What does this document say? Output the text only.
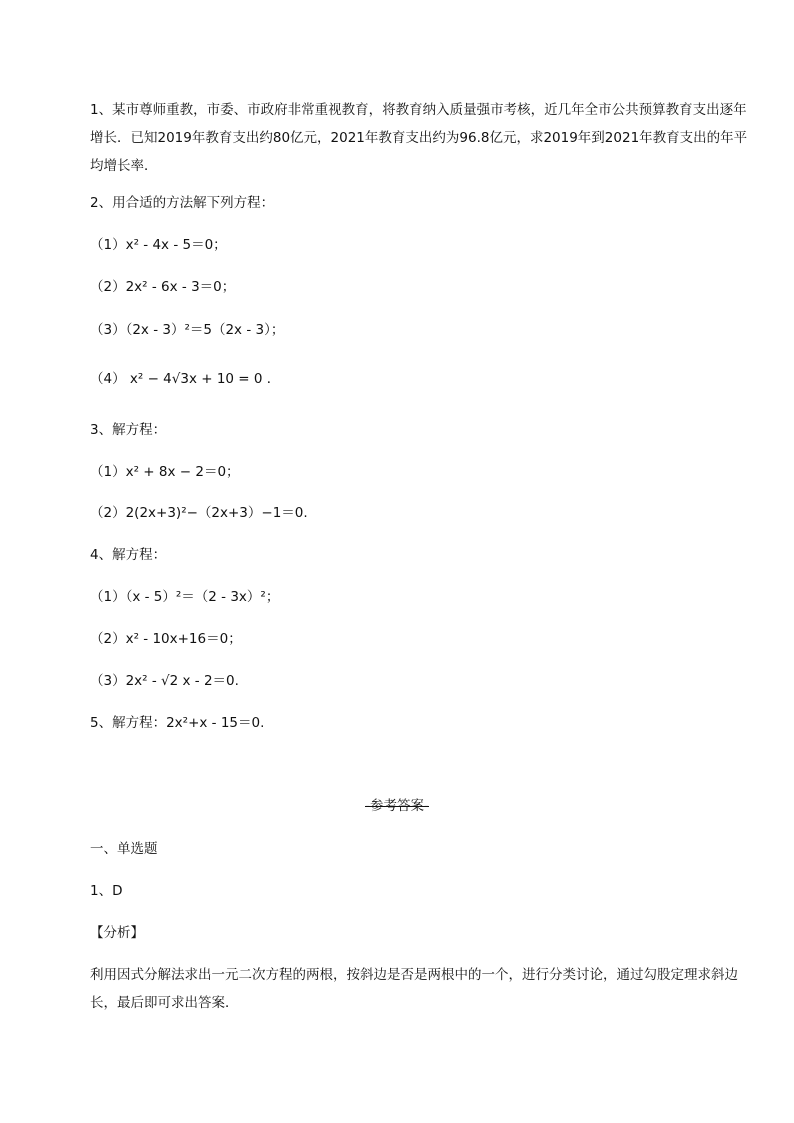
1、某市尊师重教，市委、市政府非常重视教育，将教育纳入质量强市考核，近几年全市公共预算教育支出逐年增长．已知2019年教育支出约80亿元，2021年教育支出约为96.8亿元，求2019年到2021年教育支出的年平均增长率．
2、用合适的方法解下列方程：
（1）x² - 4x - 5＝0；
（2）2x² - 6x - 3＝0；
（3）（2x - 3）²＝5（2x - 3）；
（4） x² − 4√3x + 10 = 0 ．
3、解方程：
（1）x² + 8x − 2＝0；
（2）2(2x+3)²−（2x+3）−1＝0.
4、解方程：
（1）（x - 5）²＝（2 - 3x）²；
（2）x² - 10x+16＝0；
（3）2x² - √2 x - 2＝0.
5、解方程：2x²+x - 15＝0.
-参考答案-
一、单选题
1、D
【分析】
利用因式分解法求出一元二次方程的两根，按斜边是否是两根中的一个，进行分类讨论，通过勾股定理求斜边长，最后即可求出答案．
